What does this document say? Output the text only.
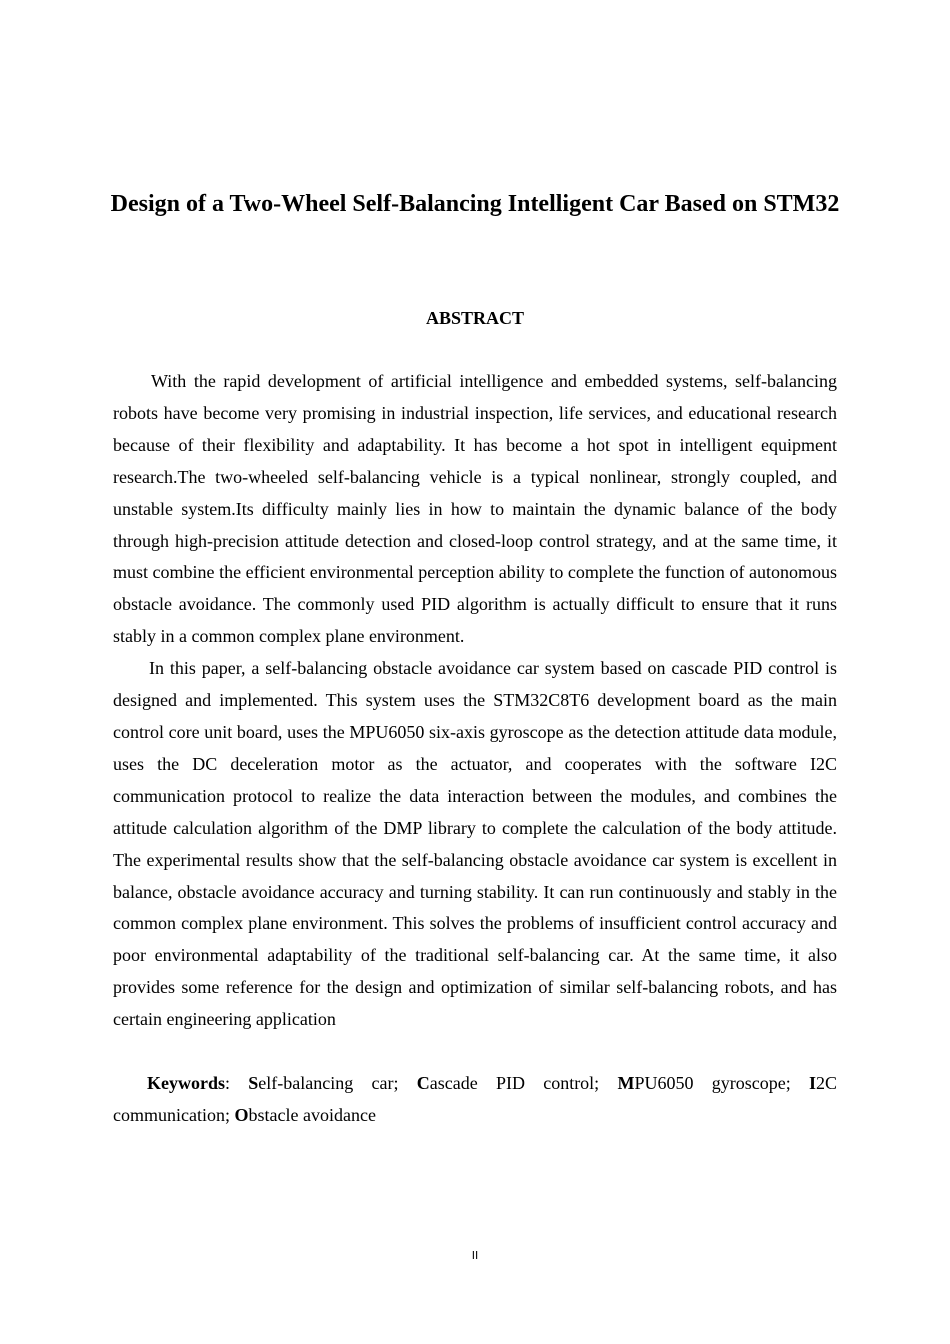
Design of a Two-Wheel Self-Balancing Intelligent Car Based on STM32
ABSTRACT

With the rapid development of artificial intelligence and embedded systems, self-balancing robots have become very promising in industrial inspection, life services, and educational research because of their flexibility and adaptability. It has become a hot spot in intelligent equipment research.The two-wheeled self-balancing vehicle is a typical nonlinear, strongly coupled, and unstable system.Its difficulty mainly lies in how to maintain the dynamic balance of the body through high-precision attitude detection and closed-loop control strategy, and at the same time, it must combine the efficient environmental perception ability to complete the function of autonomous obstacle avoidance. The commonly used PID algorithm is actually difficult to ensure that it runs stably in a common complex plane environment.

In this paper, a self-balancing obstacle avoidance car system based on cascade PID control is designed and implemented. This system uses the STM32C8T6 development board as the main control core unit board, uses the MPU6050 six-axis gyroscope as the detection attitude data module, uses the DC deceleration motor as the actuator, and cooperates with the software I2C communication protocol to realize the data interaction between the modules, and combines the attitude calculation algorithm of the DMP library to complete the calculation of the body attitude. The experimental results show that the self-balancing obstacle avoidance car system is excellent in balance, obstacle avoidance accuracy and turning stability. It can run continuously and stably in the common complex plane environment. This solves the problems of insufficient control accuracy and poor environmental adaptability of the traditional self-balancing car. At the same time, it also provides some reference for the design and optimization of similar self-balancing robots, and has certain engineering application

Keywords: Self-balancing car; Cascade PID control; MPU6050 gyroscope; I2C communication; Obstacle avoidance

II
